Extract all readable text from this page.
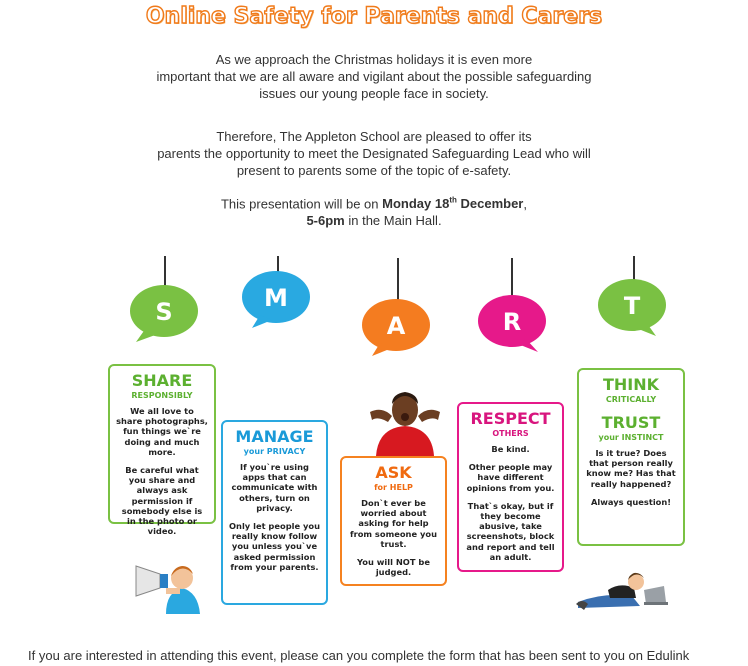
Online Safety for Parents and Carers
As we approach the Christmas holidays it is even more
important that we are all aware and vigilant about the possible safeguarding
issues our young people face in society.
Therefore, The Appleton School are pleased to offer its
parents the opportunity to meet the Designated Safeguarding Lead who will
present to parents some of the topic of e-safety.
This presentation will be on Monday 18th December,
5-6pm in the Main Hall.
S	M
A	R
T
SHARE
RESPONSIBLY

We all love to share photographs, fun things we`re doing and much more.

Be careful what you share and always ask permission if somebody else is in the photo or video.

MANAGE
your PRIVACY

If you`re using apps that can communicate with others, turn on privacy.

Only let people you really know follow you unless you`ve asked permission from your parents.

ASK
for HELP

Don`t ever be worried about asking for help from someone you trust.

You will NOT be judged.

RESPECT
OTHERS

Be kind.

Other people may have different opinions from you.

That`s okay, but if they become abusive, take screenshots, block and report and tell an adult.

THINK
CRITICALLY
TRUST
your INSTINCT

Is it true? Does that person really know me? Has that really happened?

Always question!

If you are interested in attending this event, please can you complete the form that has been sent to you on Edulink
